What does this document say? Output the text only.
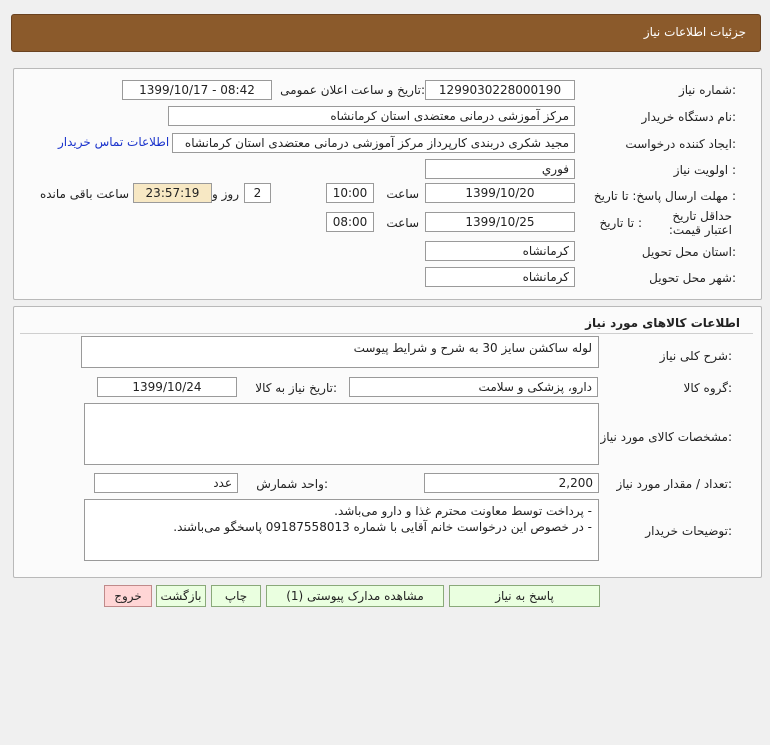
جزئیات اطلاعات نیاز
شماره نیاز:
1299030228000190
تاریخ و ساعت اعلان عمومی:
1399/10/17 - 08:42
نام دستگاه خریدار:
مرکز آموزشی درمانی معتضدی استان کرمانشاه
ایجاد کننده درخواست:
مجید شکری دربندی کارپرداز مرکز آموزشی درمانی معتضدی استان کرمانشاه
اطلاعات تماس خریدار
اولویت نیاز :
فوري
مهلت ارسال پاسخ: تا تاریخ :
1399/10/20
ساعت
10:00
2
روز و
23:57:19
ساعت باقی مانده
حداقل تاریخ اعتبار قیمت:
تا تاریخ :
1399/10/25
ساعت
08:00
استان محل تحویل:
کرمانشاه
شهر محل تحویل:
کرمانشاه
اطلاعات کالاهای مورد نیاز
شرح کلی نیاز:
لوله ساکشن سایز 30 به شرح و شرایط پیوست
گروه کالا:
دارو، پزشکی و سلامت
تاریخ نیاز به کالا:
1399/10/24
مشخصات کالای مورد نیاز:
تعداد / مقدار مورد نیاز:
2,200
واحد شمارش:
عدد
توضیحات خریدار:
- پرداخت توسط معاونت محترم غذا و دارو می‌باشد.
- در خصوص این درخواست خانم آقایی با شماره 09187558013 پاسخگو می‌باشند.
پاسخ به نیاز
مشاهده مدارک پیوستی (1)
چاپ
بازگشت
خروج
